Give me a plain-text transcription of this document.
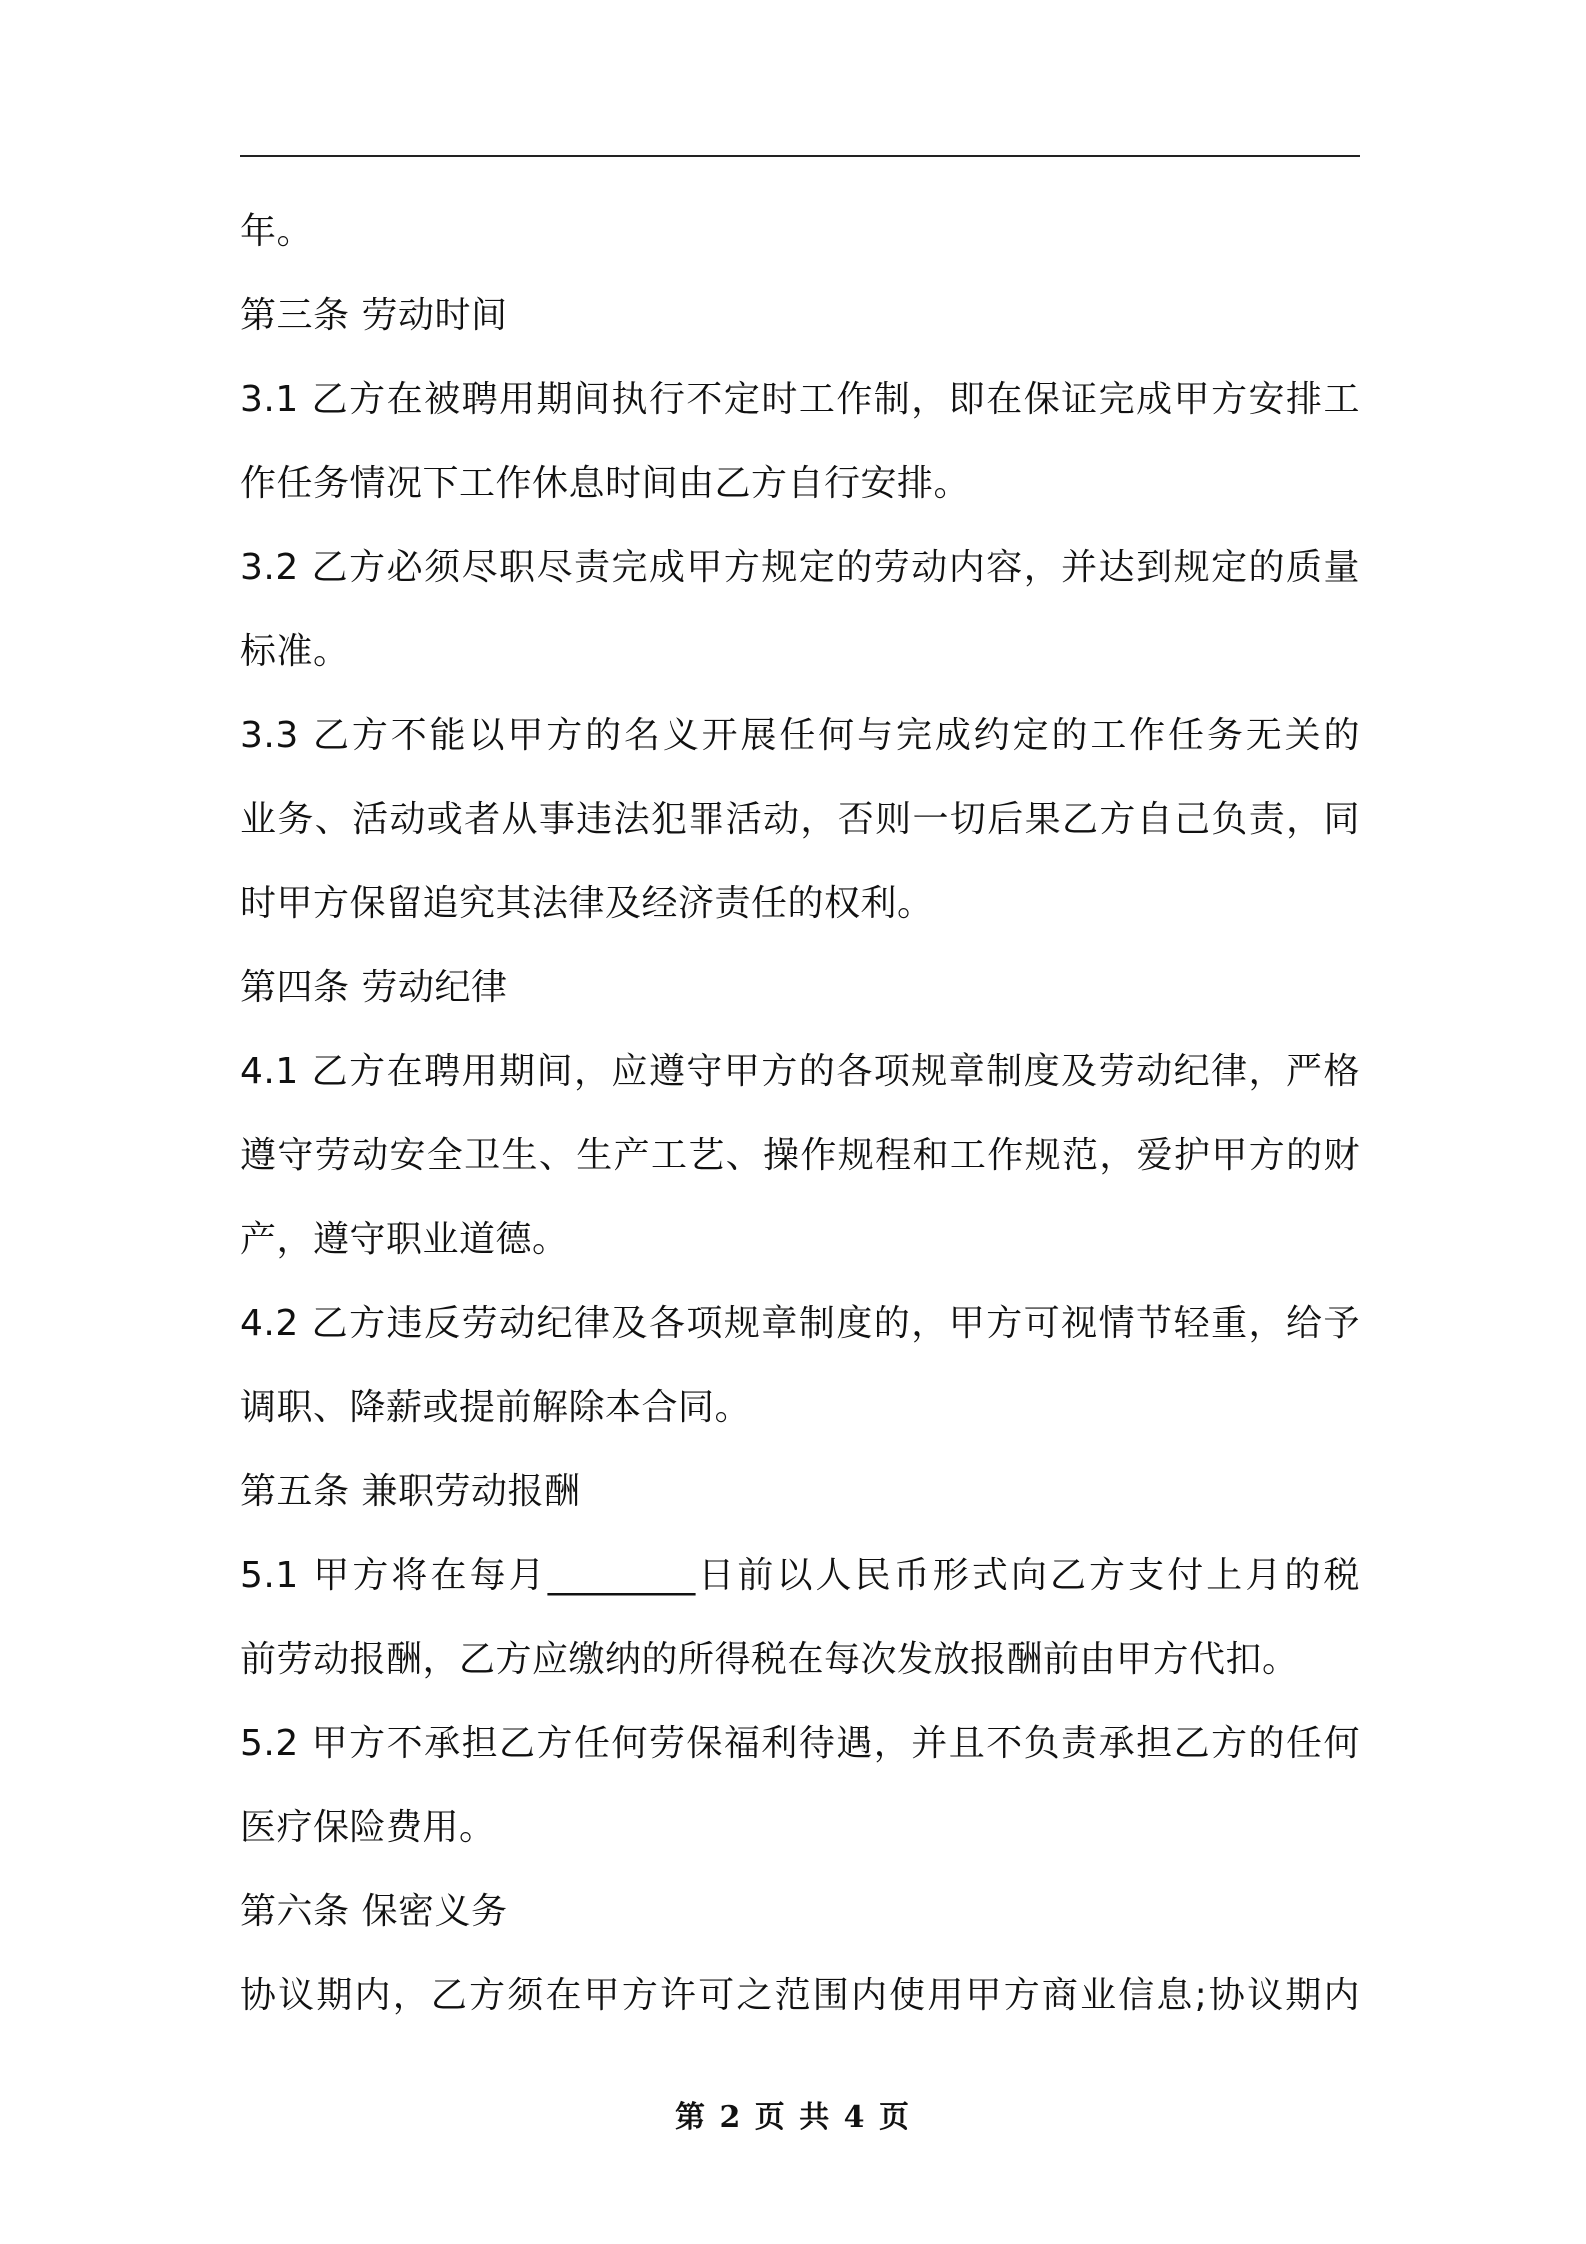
年。
第三条 劳动时间
3.1 乙方在被聘用期间执行不定时工作制，即在保证完成甲方安排工
作任务情况下工作休息时间由乙方自行安排。
3.2 乙方必须尽职尽责完成甲方规定的劳动内容，并达到规定的质量
标准。
3.3 乙方不能以甲方的名义开展任何与完成约定的工作任务无关的
业务、活动或者从事违法犯罪活动，否则一切后果乙方自己负责，同
时甲方保留追究其法律及经济责任的权利。
第四条 劳动纪律
4.1 乙方在聘用期间，应遵守甲方的各项规章制度及劳动纪律，严格
遵守劳动安全卫生、生产工艺、操作规程和工作规范，爱护甲方的财
产，遵守职业道德。
4.2 乙方违反劳动纪律及各项规章制度的，甲方可视情节轻重，给予
调职、降薪或提前解除本合同。
第五条 兼职劳动报酬
5.1 甲方将在每月________日前以人民币形式向乙方支付上月的税
前劳动报酬，乙方应缴纳的所得税在每次发放报酬前由甲方代扣。
5.2 甲方不承担乙方任何劳保福利待遇，并且不负责承担乙方的任何
医疗保险费用。
第六条 保密义务
协议期内，乙方须在甲方许可之范围内使用甲方商业信息;协议期内
第 2 页 共 4 页
